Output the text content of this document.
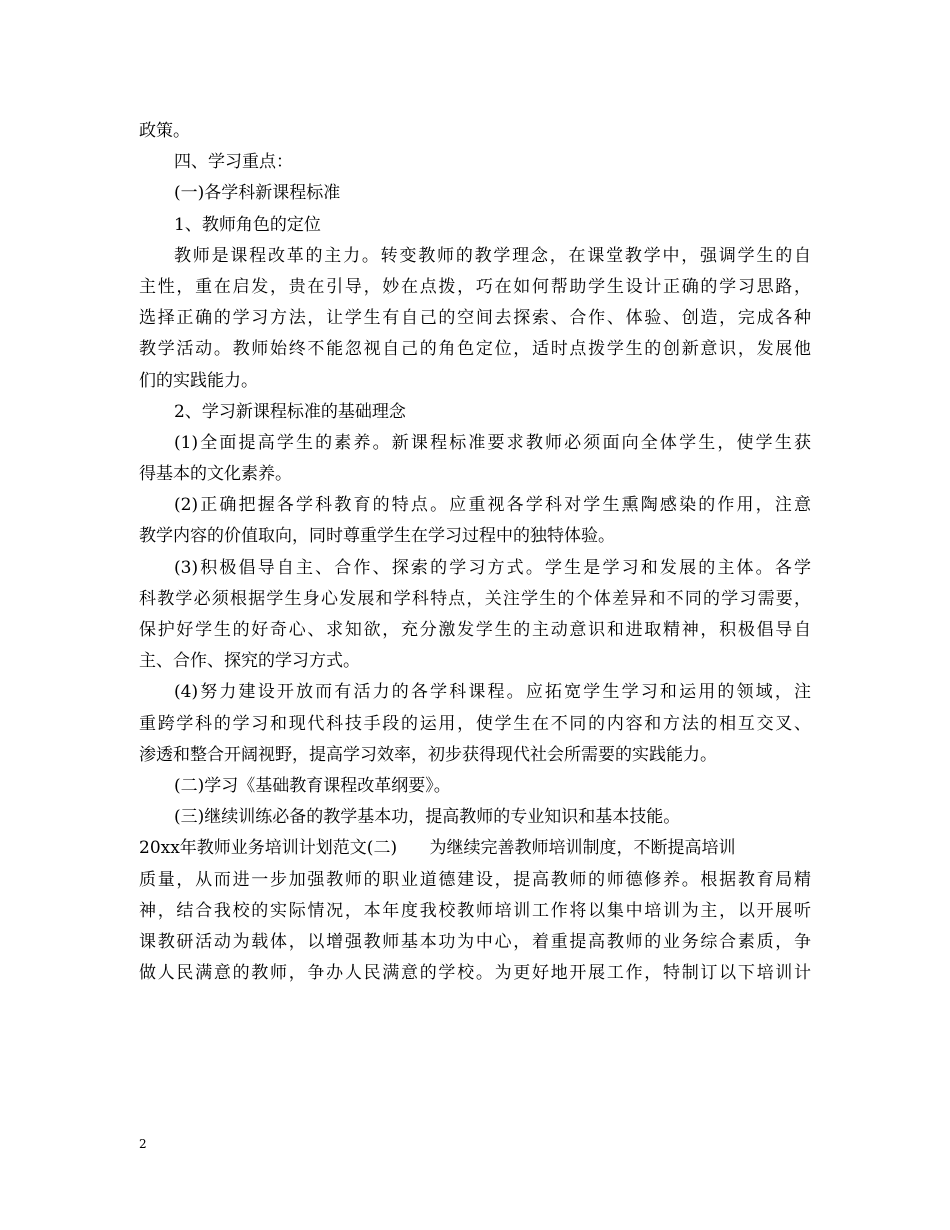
政策。

四、学习重点：

(一)各学科新课程标准

1、教师角色的定位

教师是课程改革的主力。转变教师的教学理念，在课堂教学中，强调学生的自

主性，重在启发，贵在引导，妙在点拨，巧在如何帮助学生设计正确的学习思路，

选择正确的学习方法，让学生有自己的空间去探索、合作、体验、创造，完成各种

教学活动。教师始终不能忽视自己的角色定位，适时点拨学生的创新意识，发展他

们的实践能力。

2、学习新课程标准的基础理念

(1)全面提高学生的素养。新课程标准要求教师必须面向全体学生，使学生获

得基本的文化素养。

(2)正确把握各学科教育的特点。应重视各学科对学生熏陶感染的作用，注意

教学内容的价值取向，同时尊重学生在学习过程中的独特体验。

(3)积极倡导自主、合作、探索的学习方式。学生是学习和发展的主体。各学

科教学必须根据学生身心发展和学科特点，关注学生的个体差异和不同的学习需要，

保护好学生的好奇心、求知欲，充分激发学生的主动意识和进取精神，积极倡导自

主、合作、探究的学习方式。

(4)努力建设开放而有活力的各学科课程。应拓宽学生学习和运用的领域，注

重跨学科的学习和现代科技手段的运用，使学生在不同的内容和方法的相互交叉、

渗透和整合开阔视野，提高学习效率，初步获得现代社会所需要的实践能力。

(二)学习《基础教育课程改革纲要》。

(三)继续训练必备的教学基本功，提高教师的专业知识和基本技能。

20xx年教师业务培训计划范文(二)      为继续完善教师培训制度，不断提高培训

质量，从而进一步加强教师的职业道德建设，提高教师的师德修养。根据教育局精

神，结合我校的实际情况，本年度我校教师培训工作将以集中培训为主，以开展听

课教研活动为载体，以增强教师基本功为中心，着重提高教师的业务综合素质，争

做人民满意的教师，争办人民满意的学校。为更好地开展工作，特制订以下培训计

2
